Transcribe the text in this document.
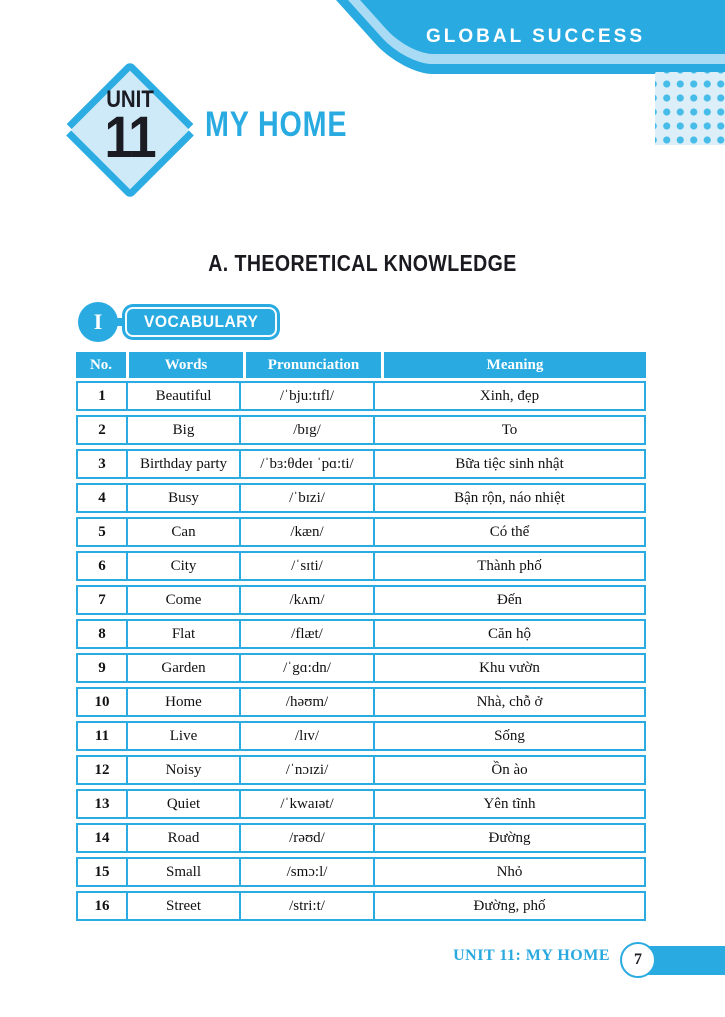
GLOBAL SUCCESS
UNIT
11	MY HOME
A. THEORETICAL KNOWLEDGE
I VOCABULARY
No.	Words	Pronunciation	Meaning
1	Beautiful	/ˈbju:tɪfl/	Xinh, đẹp
2	Big	/bɪg/	To
3	Birthday party	/ˈbɜ:θdeɪ ˈpɑ:ti/	Bữa tiệc sinh nhật
4	Busy	/ˈbɪzi/	Bận rộn, náo nhiệt
5	Can	/kæn/	Có thể
6	City	/ˈsɪti/	Thành phố
7	Come	/kʌm/	Đến
8	Flat	/flæt/	Căn hộ
9	Garden	/ˈgɑ:dn/	Khu vườn
10	Home	/həʊm/	Nhà, chỗ ở
11	Live	/lɪv/	Sống
12	Noisy	/ˈnɔɪzi/	Ồn ào
13	Quiet	/ˈkwaɪət/	Yên tĩnh
14	Road	/rəʊd/	Đường
15	Small	/smɔ:l/	Nhỏ
16	Street	/stri:t/	Đường, phố
UNIT 11: MY HOME 7
